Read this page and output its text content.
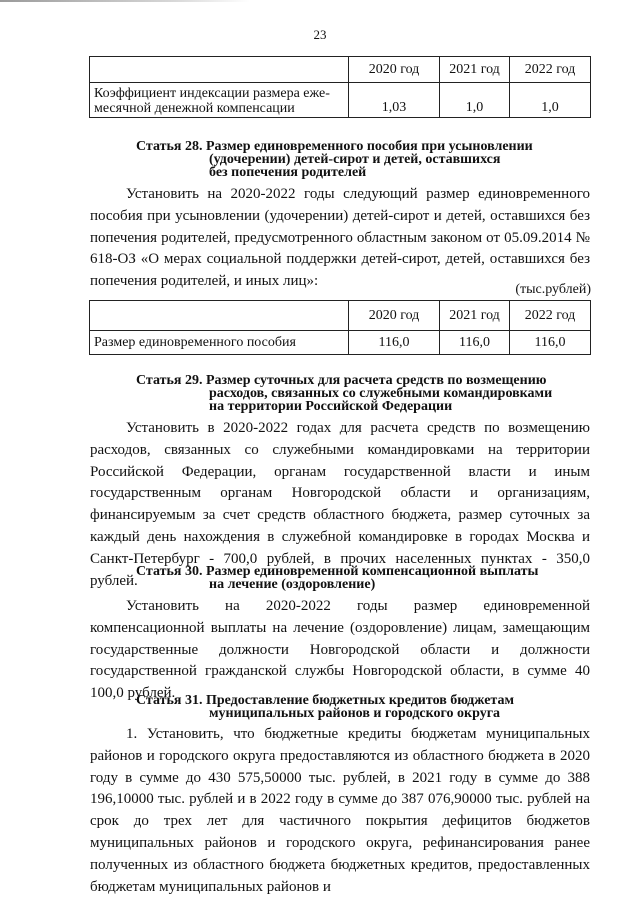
23
	2020 год	2021 год	2022 год

Коэффициент индексации размера еже-
месячной денежной компенсации	1,03	1,0	1,0
Статья 28. Размер единовременного пособия при усыновлении
(удочерении) детей-сирот и детей, оставшихся
без попечения родителей
Установить на 2020-2022 годы следующий размер единовременного пособия при усыновлении (удочерении) детей-сирот и детей, оставшихся без попечения родителей, предусмотренного областным законом от 05.09.2014 № 618-ОЗ «О мерах социальной поддержки детей-сирот, детей, оставшихся без попечения родителей, и иных лиц»:
(тыс.рублей)
	2020 год	2021 год	2022 год
Размер единовременного пособия	116,0	116,0	116,0
Статья 29. Размер суточных для расчета средств по возмещению
расходов, связанных со служебными командировками
на территории Российской Федерации
Установить в 2020-2022 годах для расчета средств по возмещению расходов, связанных со служебными командировками на территории Российской Федерации, органам государственной власти и иным государственным органам Новгородской области и организациям, финансируемым за счет средств областного бюджета, размер суточных за каждый день нахождения в служебной командировке в городах Москва и Санкт-Петербург - 700,0 рублей, в прочих населенных пунктах - 350,0 рублей.
Статья 30. Размер единовременной компенсационной выплаты
на лечение (оздоровление)
Установить на 2020-2022 годы размер единовременной компенсационной выплаты на лечение (оздоровление) лицам, замещающим государственные должности Новгородской области и должности государственной гражданской службы Новгородской области, в сумме 40 100,0 рублей.
Статья 31. Предоставление бюджетных кредитов бюджетам
муниципальных районов и городского округа
1. Установить, что бюджетные кредиты бюджетам муниципальных районов и городского округа предоставляются из областного бюджета в 2020 году в сумме до 430 575,50000 тыс. рублей, в 2021 году в сумме до 388 196,10000 тыс. рублей и в 2022 году в сумме до 387 076,90000 тыс. рублей на срок до трех лет для частичного покрытия дефицитов бюджетов муниципальных районов и городского округа, рефинансирования ранее полученных из областного бюджета бюджетных кредитов, предоставленных бюджетам муниципальных районов и
